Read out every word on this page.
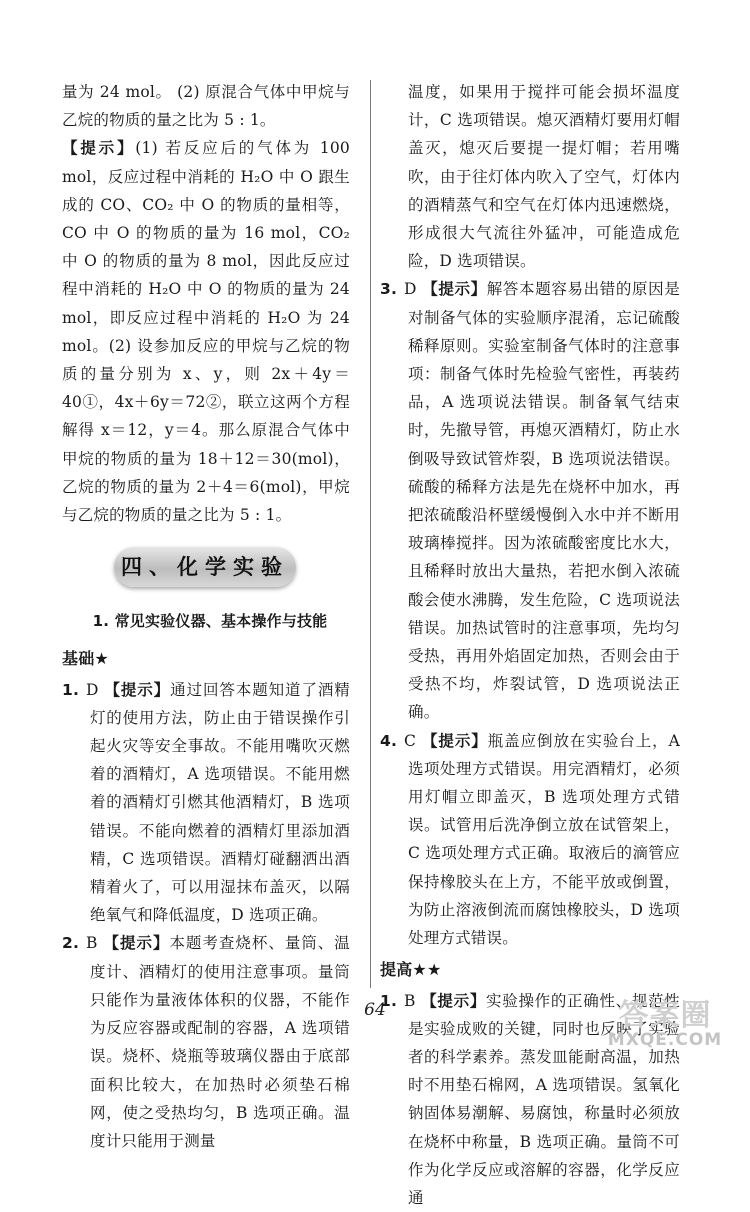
量为 24 mol。 (2) 原混合气体中甲烷与乙烷的物质的量之比为 5 : 1。

【提示】(1) 若反应后的气体为 100 mol，反应过程中消耗的 H₂O 中 O 跟生成的 CO、CO₂ 中 O 的物质的量相等，CO 中 O 的物质的量为 16 mol，CO₂ 中 O 的物质的量为 8 mol，因此反应过程中消耗的 H₂O 中 O 的物质的量为 24 mol，即反应过程中消耗的 H₂O 为 24 mol。(2) 设参加反应的甲烷与乙烷的物质的量分别为 x、y，则 2x＋4y＝40①，4x＋6y＝72②，联立这两个方程解得 x＝12，y＝4。那么原混合气体中甲烷的物质的量为 18＋12＝30(mol)，乙烷的物质的量为 2＋4＝6(mol)，甲烷与乙烷的物质的量之比为 5 : 1。

四、化学实验

1. 常见实验仪器、基本操作与技能

基础★

1. D 【提示】通过回答本题知道了酒精灯的使用方法，防止由于错误操作引起火灾等安全事故。不能用嘴吹灭燃着的酒精灯，A 选项错误。不能用燃着的酒精灯引燃其他酒精灯，B 选项错误。不能向燃着的酒精灯里添加酒精，C 选项错误。酒精灯碰翻洒出酒精着火了，可以用湿抹布盖灭，以隔绝氧气和降低温度，D 选项正确。

2. B 【提示】本题考查烧杯、量筒、温度计、酒精灯的使用注意事项。量筒只能作为量液体体积的仪器，不能作为反应容器或配制的容器，A 选项错误。烧杯、烧瓶等玻璃仪器由于底部面积比较大，在加热时必须垫石棉网，使之受热均匀，B 选项正确。温度计只能用于测量

温度，如果用于搅拌可能会损坏温度计，C 选项错误。熄灭酒精灯要用灯帽盖灭，熄灭后要提一提灯帽；若用嘴吹，由于往灯体内吹入了空气，灯体内的酒精蒸气和空气在灯体内迅速燃烧，形成很大气流往外猛冲，可能造成危险，D 选项错误。

3. D 【提示】解答本题容易出错的原因是对制备气体的实验顺序混淆，忘记硫酸稀释原则。实验室制备气体时的注意事项：制备气体时先检验气密性，再装药品，A 选项说法错误。制备氧气结束时，先撤导管，再熄灭酒精灯，防止水倒吸导致试管炸裂，B 选项说法错误。硫酸的稀释方法是先在烧杯中加水，再把浓硫酸沿杯壁缓慢倒入水中并不断用玻璃棒搅拌。因为浓硫酸密度比水大，且稀释时放出大量热，若把水倒入浓硫酸会使水沸腾，发生危险，C 选项说法错误。加热试管时的注意事项，先均匀受热，再用外焰固定加热，否则会由于受热不均，炸裂试管，D 选项说法正确。

4. C 【提示】瓶盖应倒放在实验台上，A 选项处理方式错误。用完酒精灯，必须用灯帽立即盖灭，B 选项处理方式错误。试管用后洗净倒立放在试管架上，C 选项处理方式正确。取液后的滴管应保持橡胶头在上方，不能平放或倒置，为防止溶液倒流而腐蚀橡胶头，D 选项处理方式错误。

提高★★

1. B 【提示】实验操作的正确性、规范性是实验成败的关键，同时也反映了实验者的科学素养。蒸发皿能耐高温，加热时不用垫石棉网，A 选项错误。氢氧化钠固体易潮解、易腐蚀，称量时必须放在烧杯中称量，B 选项正确。量筒不可作为化学反应或溶解的容器，化学反应通

64	答案圈
MXQE.COM
